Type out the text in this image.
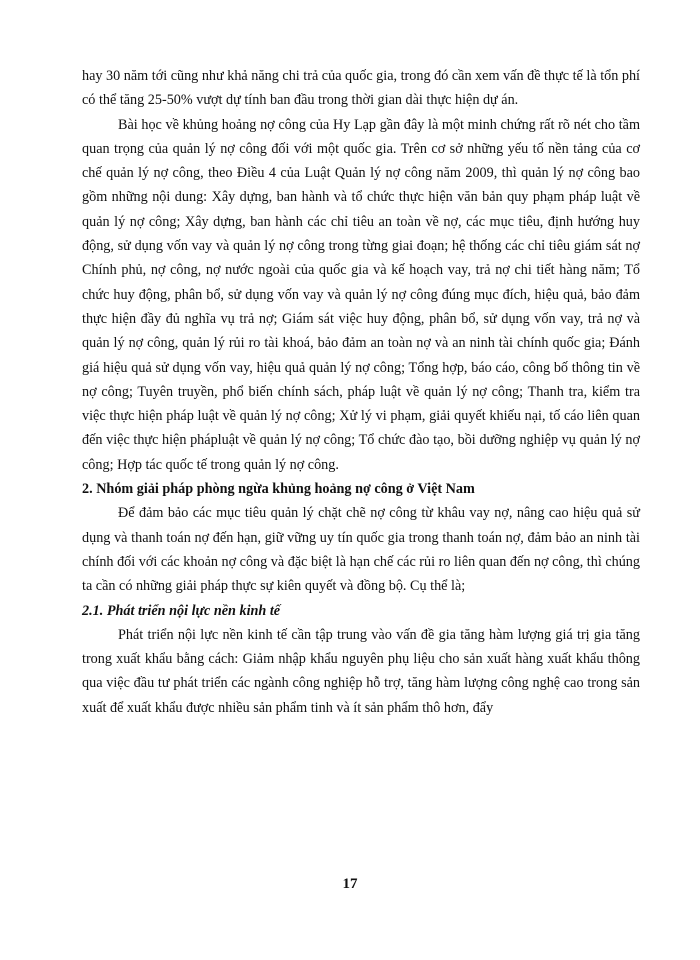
hay 30 năm tới cũng như khả năng chi trả của quốc gia, trong đó cần xem vấn đề thực tế là tổn phí có thể tăng 25-50% vượt dự tính ban đầu trong thời gian dài thực hiện dự án.

Bài học về khủng hoảng nợ công của Hy Lạp gần đây là một minh chứng rất rõ nét cho tầm quan trọng của quản lý nợ công đối với một quốc gia. Trên cơ sở những yếu tố nền tảng của cơ chế quản lý nợ công, theo Điều 4 của Luật Quản lý nợ công năm 2009, thì quản lý nợ công bao gồm những nội dung: Xây dựng, ban hành và tổ chức thực hiện văn bản quy phạm pháp luật về quản lý nợ công; Xây dựng, ban hành các chỉ tiêu an toàn về nợ, các mục tiêu, định hướng huy động, sử dụng vốn vay và quản lý nợ công trong từng giai đoạn; hệ thống các chỉ tiêu giám sát nợ Chính phủ, nợ công, nợ nước ngoài của quốc gia và kế hoạch vay, trả nợ chi tiết hàng năm; Tổ chức huy động, phân bổ, sử dụng vốn vay và quản lý nợ công đúng mục đích, hiệu quả, bảo đảm thực hiện đầy đủ nghĩa vụ trả nợ; Giám sát việc huy động, phân bổ, sử dụng vốn vay, trả nợ và quản lý nợ công, quản lý rủi ro tài khoá, bảo đảm an toàn nợ và an ninh tài chính quốc gia; Đánh giá hiệu quả sử dụng vốn vay, hiệu quả quản lý nợ công; Tổng hợp, báo cáo, công bố thông tin về nợ công; Tuyên truyền, phổ biến chính sách, pháp luật về quản lý nợ công; Thanh tra, kiểm tra việc thực hiện pháp luật về quản lý nợ công; Xử lý vi phạm, giải quyết khiếu nại, tố cáo liên quan đến việc thực hiện phápluật về quản lý nợ công; Tổ chức đào tạo, bồi dưỡng nghiệp vụ quản lý nợ công; Hợp tác quốc tế trong quản lý nợ công.

2. Nhóm giải pháp phòng ngừa khủng hoảng nợ công ở Việt Nam

Để đảm bảo các mục tiêu quản lý chặt chẽ nợ công từ khâu vay nợ, nâng cao hiệu quả sử dụng và thanh toán nợ đến hạn, giữ vững uy tín quốc gia trong thanh toán nợ, đảm bảo an ninh tài chính đối với các khoản nợ công và đặc biệt là hạn chế các rủi ro liên quan đến nợ công, thì chúng ta cần có những giải pháp thực sự kiên quyết và đồng bộ. Cụ thể là;

2.1. Phát triển nội lực nền kinh tế

Phát triển nội lực nền kinh tế cần tập trung vào vấn đề gia tăng hàm lượng giá trị gia tăng trong xuất khẩu bằng cách: Giảm nhập khẩu nguyên phụ liệu cho sản xuất hàng xuất khẩu thông qua việc đầu tư phát triển các ngành công nghiệp hỗ trợ, tăng hàm lượng công nghệ cao trong sản xuất để xuất khẩu được nhiều sản phẩm tinh và ít sản phẩm thô hơn, đẩy

17
